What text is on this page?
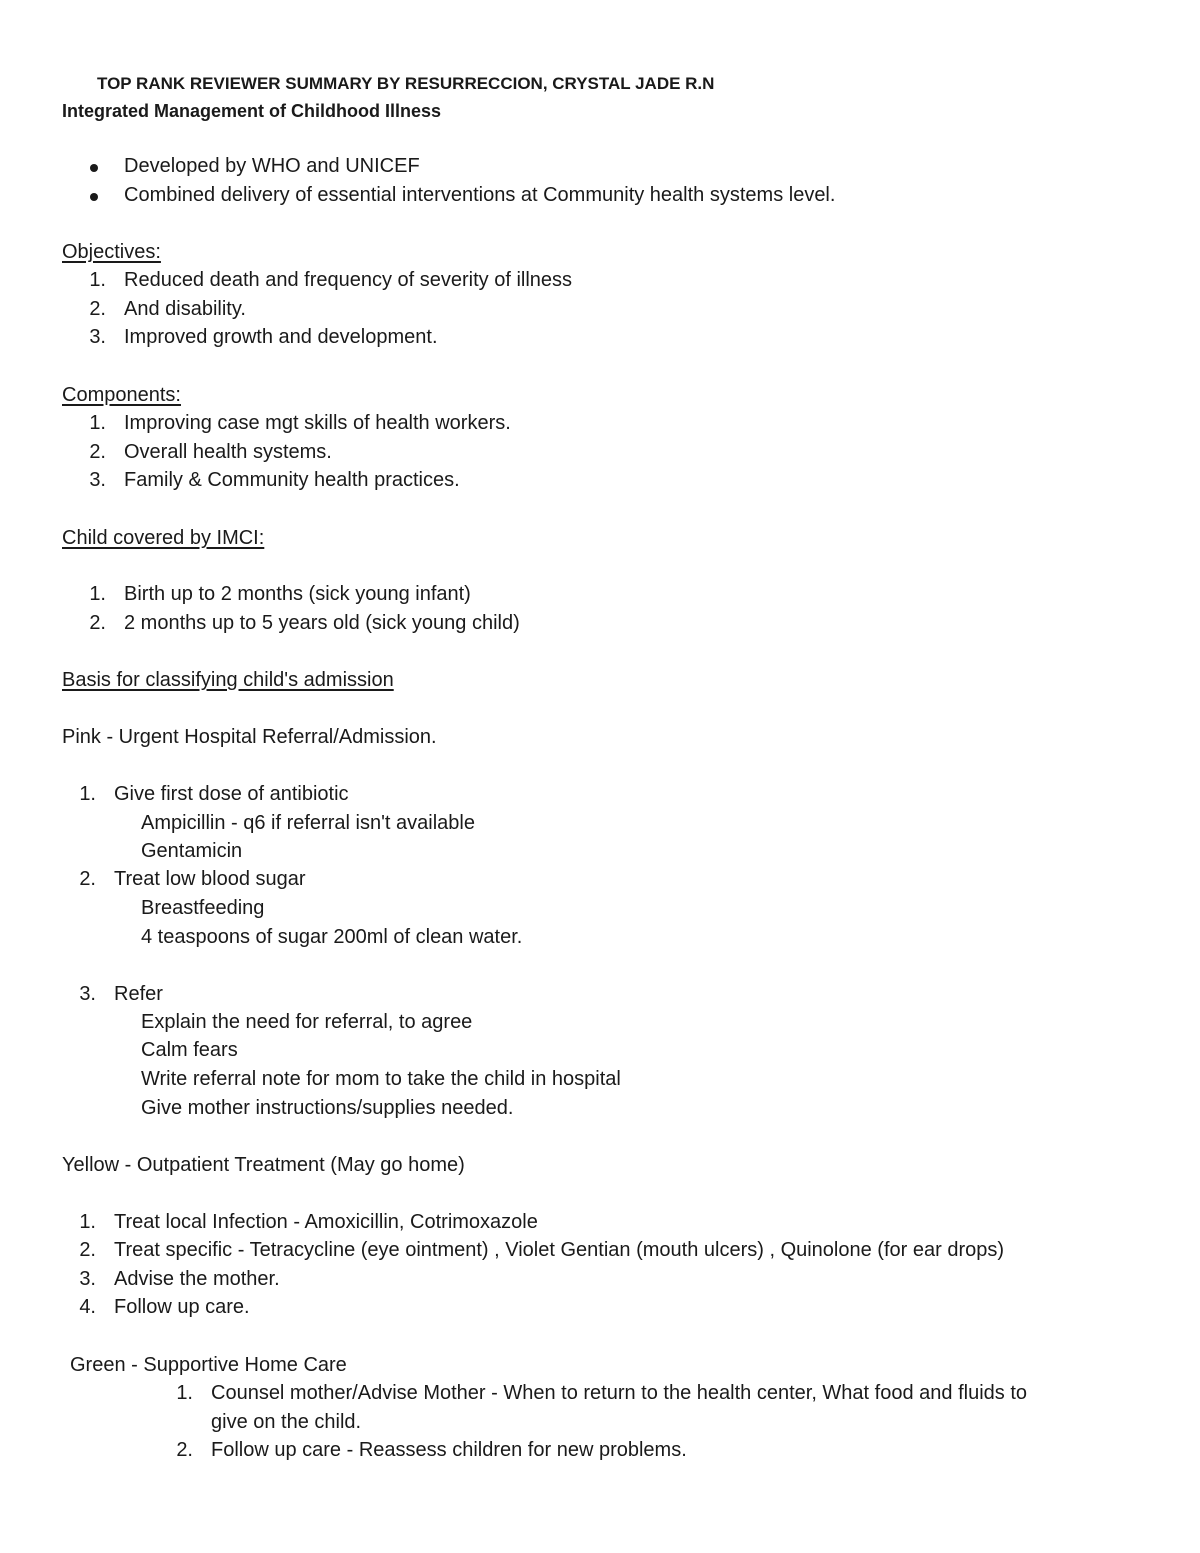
TOP RANK REVIEWER SUMMARY BY RESURRECCION, CRYSTAL JADE R.N
Integrated Management of Childhood Illness
Developed by WHO and UNICEF
Combined delivery of essential interventions at Community health systems level.
Objectives:
1. Reduced death and frequency of severity of illness
2. And disability.
3. Improved growth and development.
Components:
1. Improving case mgt skills of health workers.
2. Overall health systems.
3. Family & Community health practices.
Child covered by IMCI:
1. Birth up to 2 months (sick young infant)
2. 2 months up to 5 years old (sick young child)
Basis for classifying child's admission
Pink - Urgent Hospital Referral/Admission.
1. Give first dose of antibiotic
Ampicillin - q6 if referral isn't available
Gentamicin
2. Treat low blood sugar
Breastfeeding
4 teaspoons of sugar 200ml of clean water.
3. Refer
Explain the need for referral, to agree
Calm fears
Write referral note for mom to take the child in hospital
Give mother instructions/supplies needed.
Yellow - Outpatient Treatment (May go home)
1. Treat local Infection - Amoxicillin, Cotrimoxazole
2. Treat specific - Tetracycline (eye ointment) , Violet Gentian (mouth ulcers) , Quinolone (for ear drops)
3. Advise the mother.
4. Follow up care.
Green - Supportive Home Care
1. Counsel mother/Advise Mother - When to return to the health center, What food and fluids to
give on the child.
2. Follow up care - Reassess children for new problems.
